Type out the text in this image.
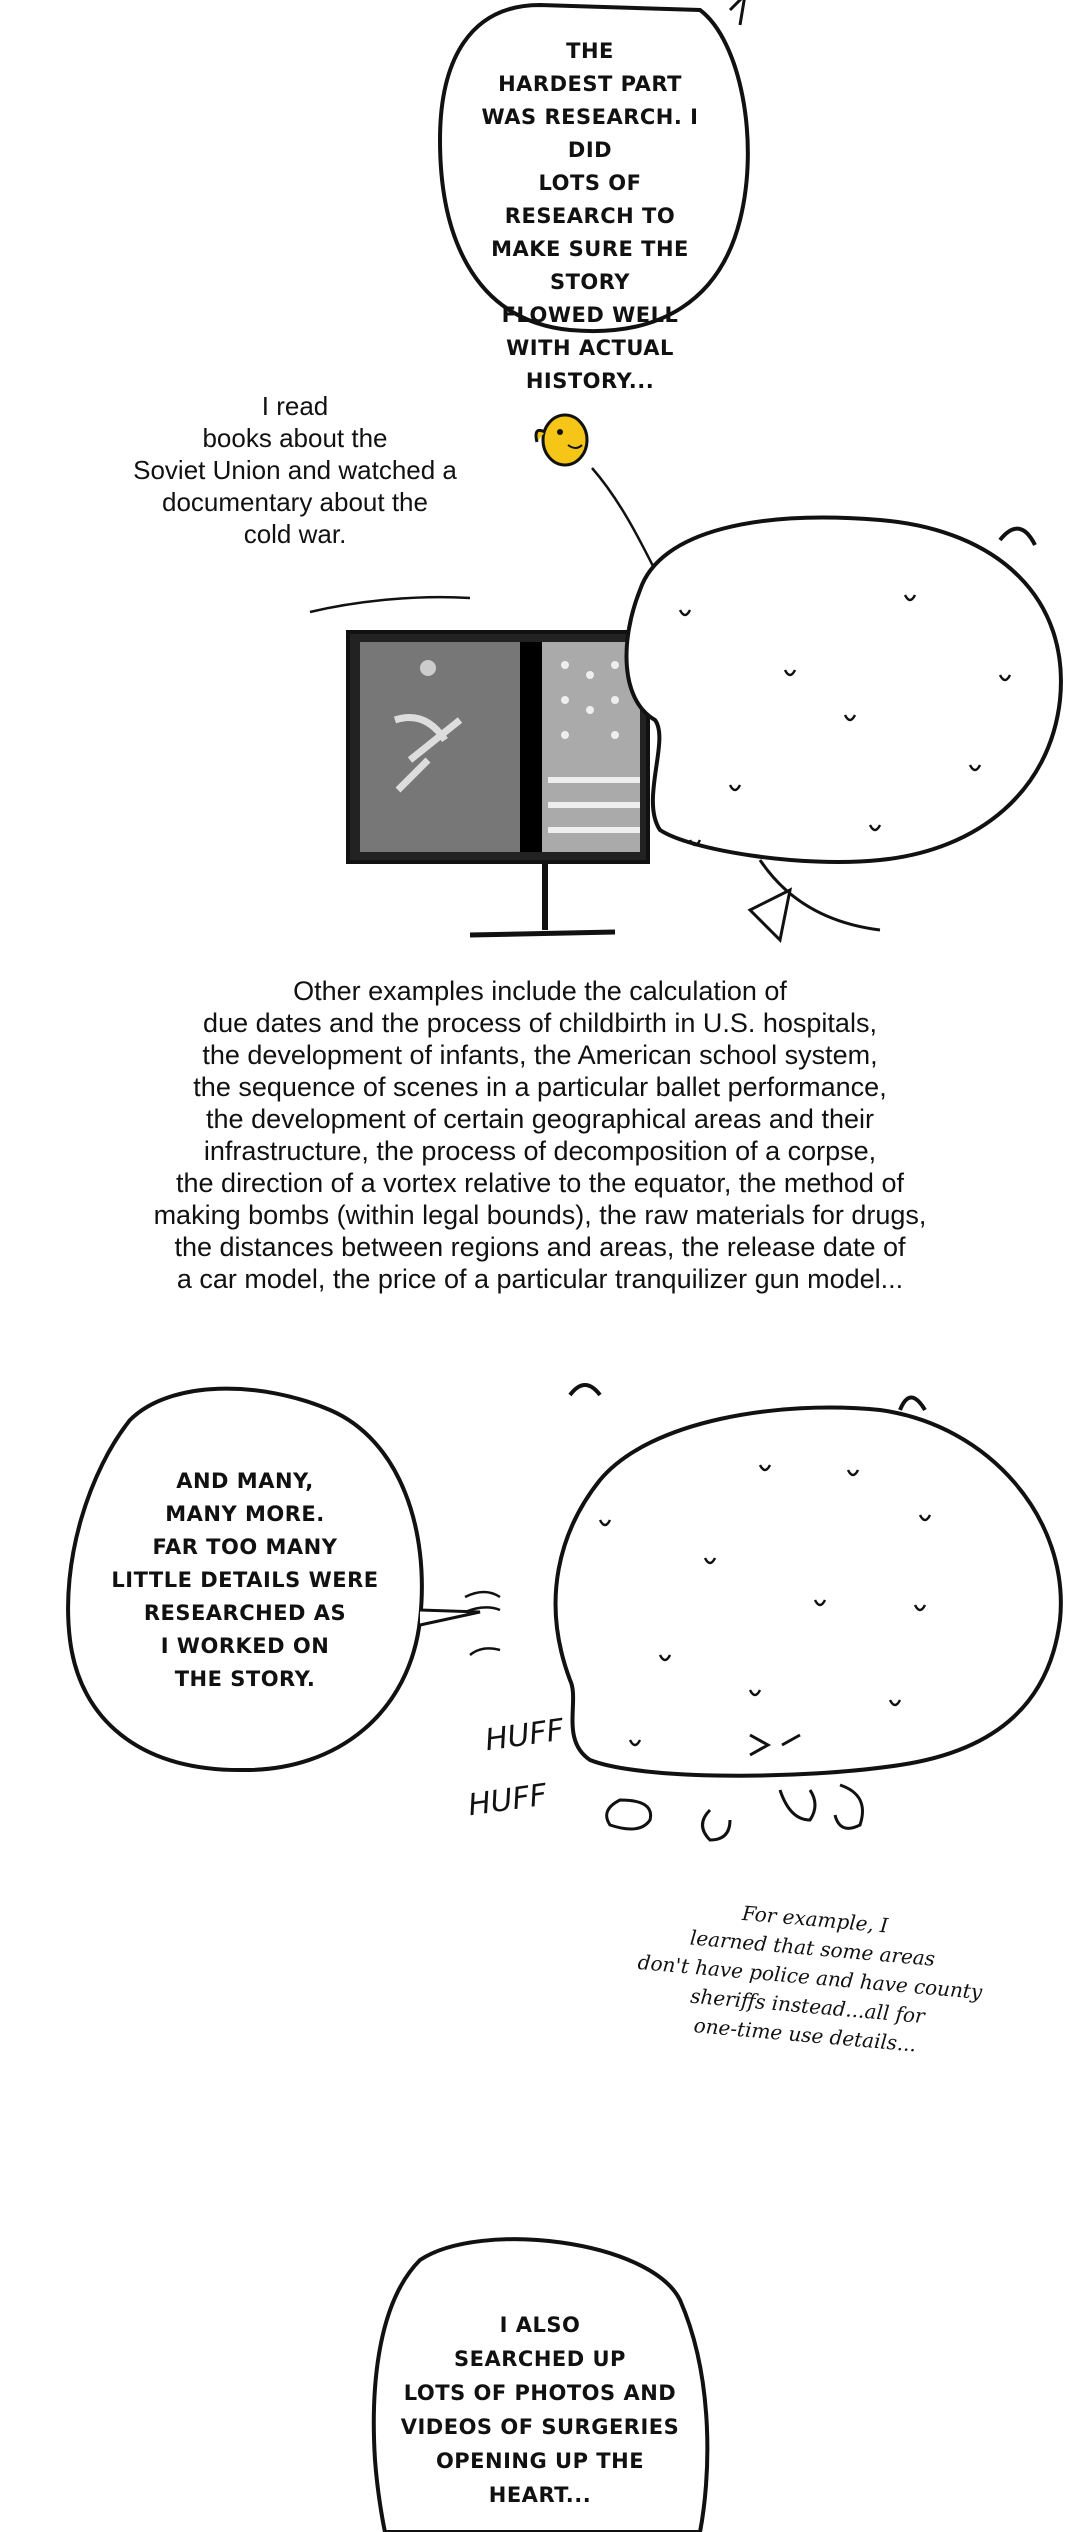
THE
HARDEST PART
WAS RESEARCH. I DID
LOTS OF RESEARCH TO
MAKE SURE THE STORY
FLOWED WELL
WITH ACTUAL
HISTORY...

I read
books about the
Soviet Union and watched a
documentary about the
cold war.

Other examples include the calculation of
due dates and the process of childbirth in U.S. hospitals,
the development of infants, the American school system,
the sequence of scenes in a particular ballet performance,
the development of certain geographical areas and their
infrastructure, the process of decomposition of a corpse,
the direction of a vortex relative to the equator, the method of
making bombs (within legal bounds), the raw materials for drugs,
the distances between regions and areas, the release date of
a car model, the price of a particular tranquilizer gun model...

AND MANY,
MANY MORE.
FAR TOO MANY
LITTLE DETAILS WERE
RESEARCHED AS
I WORKED ON
THE STORY.

HUFF
HUFF

For example, I
learned that some areas
don't have police and have county
sheriffs instead...all for
one-time use details...

I ALSO
SEARCHED UP
LOTS OF PHOTOS AND
VIDEOS OF SURGERIES
OPENING UP THE
HEART...
